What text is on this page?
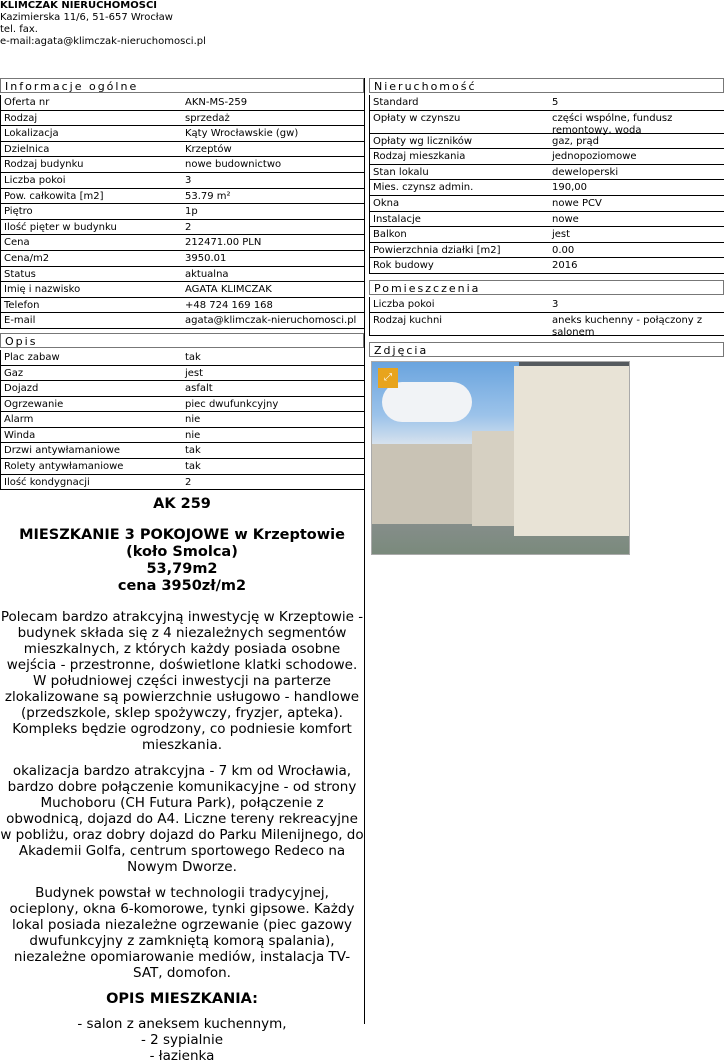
KLIMCZAK NIERUCHOMOŚCI
Kazimierska 11/6, 51-657 Wrocław
tel. fax.
e-mail:agata@klimczak-nieruchomosci.pl
Informacje ogólne
Oferta nr	AKN-MS-259
Rodzaj	sprzedaż
Lokalizacja	Kąty Wrocławskie (gw)
Dzielnica	Krzeptów
Rodzaj budynku	nowe budownictwo
Liczba pokoi	3
Pow. całkowita [m2]	53.79 m²
Piętro	1p
Ilość pięter w budynku	2
Cena	212471.00 PLN
Cena/m2	3950.01
Status	aktualna
Imię i nazwisko	AGATA KLIMCZAK
Telefon	+48 724 169 168
E-mail	agata@klimczak-nieruchomosci.pl
Opis
Plac zabaw	tak
Gaz	jest
Dojazd	asfalt
Ogrzewanie	piec dwufunkcyjny
Alarm	nie
Winda	nie
Drzwi antywłamaniowe	tak
Rolety antywłamaniowe	tak
Ilość kondygnacji	2
AK 259
MIESZKANIE 3 POKOJOWE w Krzeptowie (koło Smolca)
53,79m2
cena 3950zł/m2

Polecam bardzo atrakcyjną inwestycję w Krzeptowie - budynek składa się z 4 niezależnych segmentów mieszkalnych, z których każdy posiada osobne wejścia - przestronne, doświetlone klatki schodowe.

W południowej części inwestycji na parterze zlokalizowane są powierzchnie usługowo - handlowe (przedszkole, sklep spożywczy, fryzjer, apteka). Kompleks będzie ogrodzony, co podniesie komfort mieszkania.

okalizacja bardzo atrakcyjna - 7 km od Wrocławia, bardzo dobre połączenie komunikacyjne - od strony Muchoboru (CH Futura Park), połączenie z obwodnicą, dojazd do A4. Liczne tereny rekreacyjne w pobliżu, oraz dobry dojazd do Parku Milenijnego, do Akademii Golfa, centrum sportowego Redeco na Nowym Dworze.

Budynek powstał w technologii tradycyjnej, ocieplony, okna 6-komorowe, tynki gipsowe. Każdy lokal posiada niezależne ogrzewanie (piec gazowy dwufunkcyjny z zamkniętą komorą spalania), niezależne opomiarowanie mediów, instalacja TV-SAT, domofon.

OPIS MIESZKANIA:
- salon z aneksem kuchennym,
- 2 sypialnie
- łazienka
Nieruchomość
Standard	5
Opłaty w czynszu	części wspólne, fundusz remontowy, woda
Opłaty wg liczników	gaz, prąd
Rodzaj mieszkania	jednopoziomowe
Stan lokalu	deweloperski
Mies. czynsz admin.	190,00
Okna	nowe PCV
Instalacje	nowe
Balkon	jest
Powierzchnia działki [m2]	0.00
Rok budowy	2016
Pomieszczenia
Liczba pokoi	3
Rodzaj kuchni	aneks kuchenny - połączony z salonem
Zdjęcia
⤢
